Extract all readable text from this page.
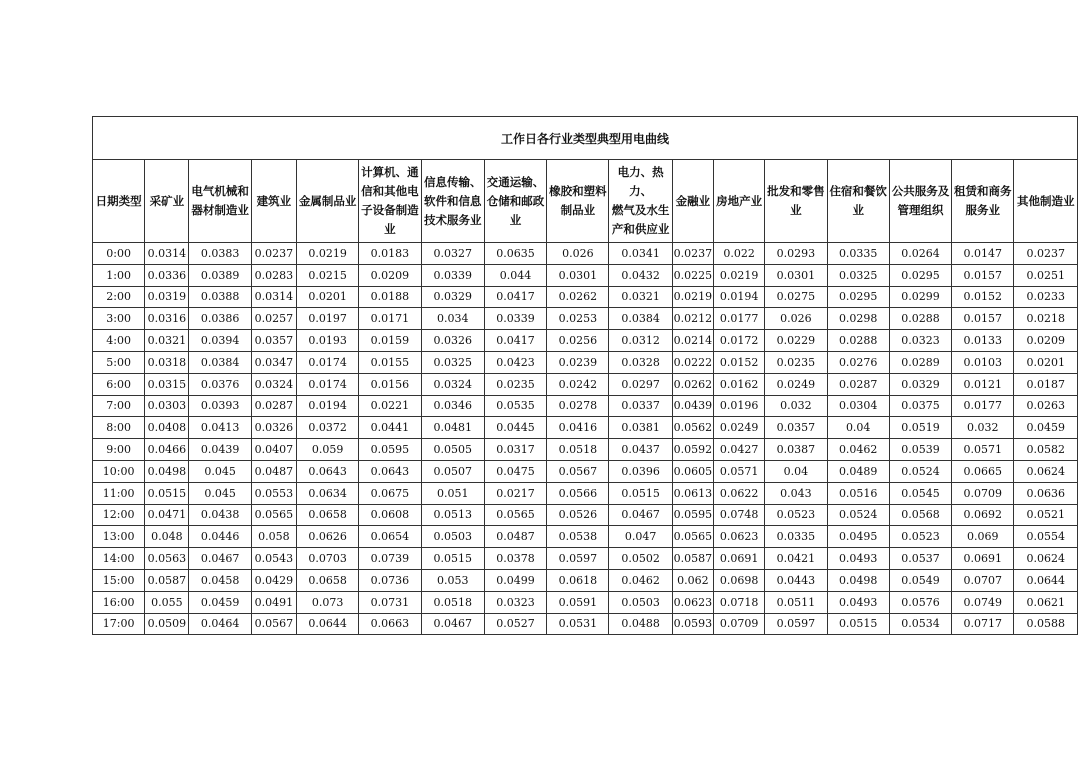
工作日各行业类型典型用电曲线																

日期类型	采矿业	电气机械和
器材制造业	建筑业	金属制品业	计算机、通
信和其他电
子设备制造
业	信息传输、
软件和信息
技术服务业	交通运输、
仓储和邮政
业	橡胶和塑料
制品业	电力、热力、
燃气及水生
产和供应业	金融业	房地产业	批发和零售
业	住宿和餐饮
业	公共服务及
管理组织	租赁和商务
服务业	其他制造业

0:00	0.0314	0.0383	0.0237	0.0219	0.0183	0.0327	0.0635	0.026	0.0341	0.0237	0.022	0.0293	0.0335	0.0264	0.0147	0.0237
1:00	0.0336	0.0389	0.0283	0.0215	0.0209	0.0339	0.044	0.0301	0.0432	0.0225	0.0219	0.0301	0.0325	0.0295	0.0157	0.0251
2:00	0.0319	0.0388	0.0314	0.0201	0.0188	0.0329	0.0417	0.0262	0.0321	0.0219	0.0194	0.0275	0.0295	0.0299	0.0152	0.0233
3:00	0.0316	0.0386	0.0257	0.0197	0.0171	0.034	0.0339	0.0253	0.0384	0.0212	0.0177	0.026	0.0298	0.0288	0.0157	0.0218
4:00	0.0321	0.0394	0.0357	0.0193	0.0159	0.0326	0.0417	0.0256	0.0312	0.0214	0.0172	0.0229	0.0288	0.0323	0.0133	0.0209
5:00	0.0318	0.0384	0.0347	0.0174	0.0155	0.0325	0.0423	0.0239	0.0328	0.0222	0.0152	0.0235	0.0276	0.0289	0.0103	0.0201
6:00	0.0315	0.0376	0.0324	0.0174	0.0156	0.0324	0.0235	0.0242	0.0297	0.0262	0.0162	0.0249	0.0287	0.0329	0.0121	0.0187
7:00	0.0303	0.0393	0.0287	0.0194	0.0221	0.0346	0.0535	0.0278	0.0337	0.0439	0.0196	0.032	0.0304	0.0375	0.0177	0.0263
8:00	0.0408	0.0413	0.0326	0.0372	0.0441	0.0481	0.0445	0.0416	0.0381	0.0562	0.0249	0.0357	0.04	0.0519	0.032	0.0459
9:00	0.0466	0.0439	0.0407	0.059	0.0595	0.0505	0.0317	0.0518	0.0437	0.0592	0.0427	0.0387	0.0462	0.0539	0.0571	0.0582
10:00	0.0498	0.045	0.0487	0.0643	0.0643	0.0507	0.0475	0.0567	0.0396	0.0605	0.0571	0.04	0.0489	0.0524	0.0665	0.0624
11:00	0.0515	0.045	0.0553	0.0634	0.0675	0.051	0.0217	0.0566	0.0515	0.0613	0.0622	0.043	0.0516	0.0545	0.0709	0.0636
12:00	0.0471	0.0438	0.0565	0.0658	0.0608	0.0513	0.0565	0.0526	0.0467	0.0595	0.0748	0.0523	0.0524	0.0568	0.0692	0.0521
13:00	0.048	0.0446	0.058	0.0626	0.0654	0.0503	0.0487	0.0538	0.047	0.0565	0.0623	0.0335	0.0495	0.0523	0.069	0.0554
14:00	0.0563	0.0467	0.0543	0.0703	0.0739	0.0515	0.0378	0.0597	0.0502	0.0587	0.0691	0.0421	0.0493	0.0537	0.0691	0.0624
15:00	0.0587	0.0458	0.0429	0.0658	0.0736	0.053	0.0499	0.0618	0.0462	0.062	0.0698	0.0443	0.0498	0.0549	0.0707	0.0644
16:00	0.055	0.0459	0.0491	0.073	0.0731	0.0518	0.0323	0.0591	0.0503	0.0623	0.0718	0.0511	0.0493	0.0576	0.0749	0.0621
17:00	0.0509	0.0464	0.0567	0.0644	0.0663	0.0467	0.0527	0.0531	0.0488	0.0593	0.0709	0.0597	0.0515	0.0534	0.0717	0.0588
